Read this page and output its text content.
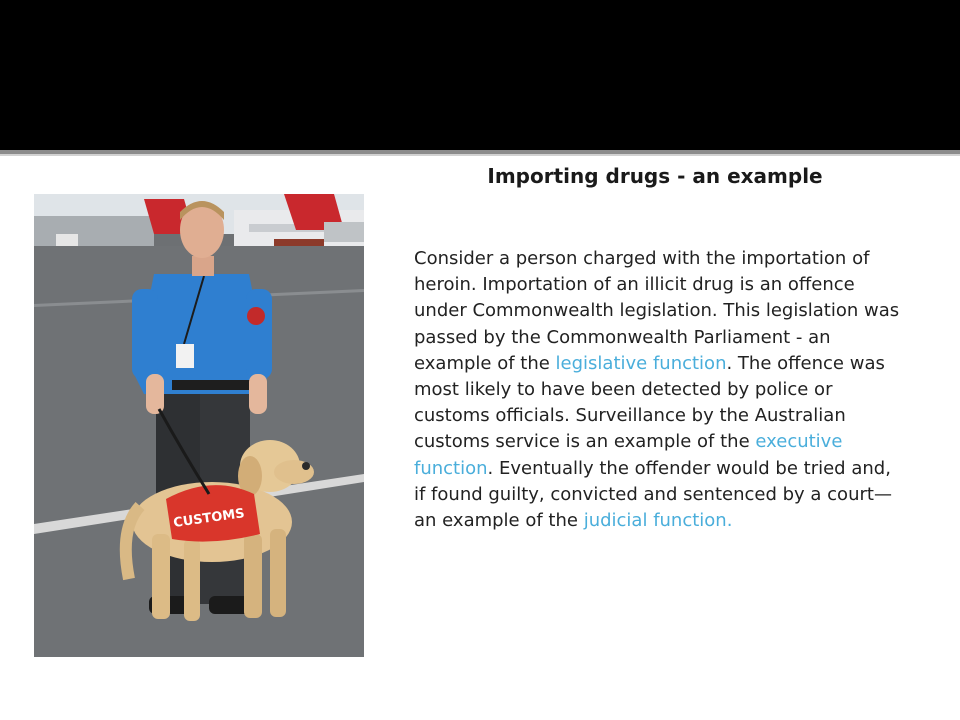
Importing drugs - an example
CUSTOMS

Consider a person charged with the importation of heroin. Importation of an illicit drug is an offence under Commonwealth legislation. This legislation was passed by the Commonwealth Parliament - an example of the legislative function. The offence was most likely to have been detected by police or customs officials. Surveillance by the Australian customs service is an example of the executive function. Eventually the offender would be tried and, if found guilty, convicted and sentenced by a court—an example of the judicial function.
